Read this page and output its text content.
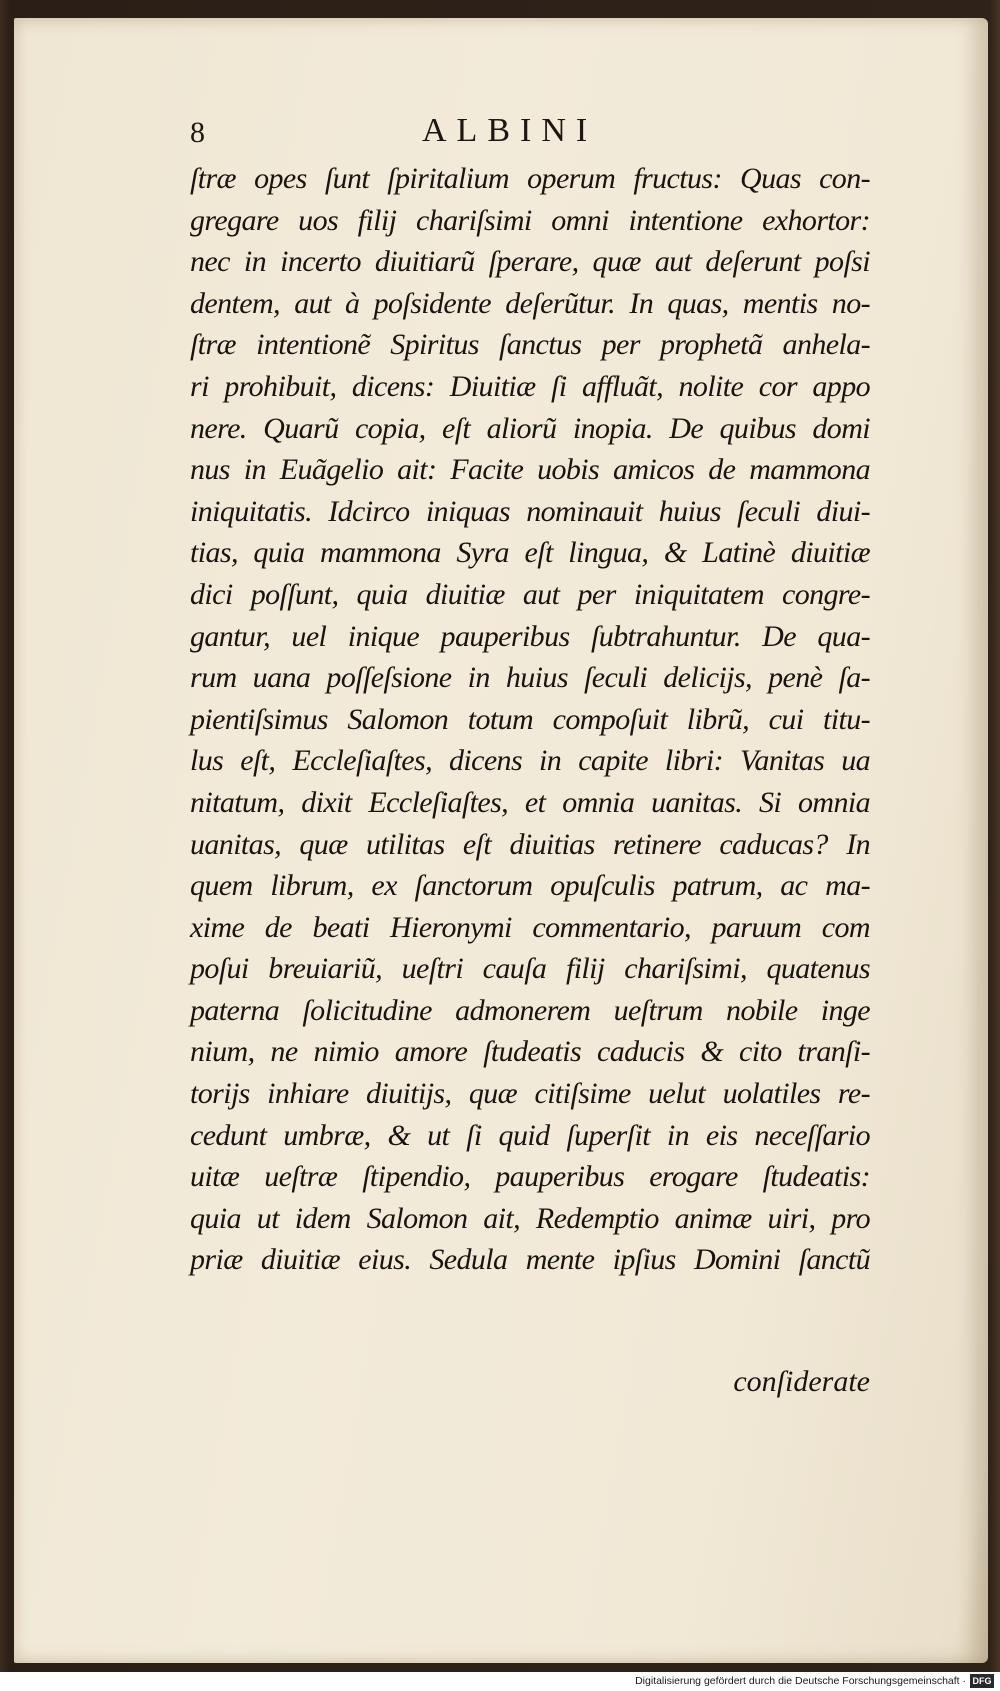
8	ALBINI
ſtræ opes ſunt ſpiritalium operum fructus: Quas con-
gregare uos filij chariſsimi omni intentione exhortor:
nec in incerto diuitiarũ ſperare, quæ aut deſerunt poſsi
dentem, aut à poſsidente deſerũtur. In quas, mentis no-
ſtræ intentionẽ Spiritus ſanctus per prophetã anhela-
ri prohibuit, dicens: Diuitiæ ſi affluãt, nolite cor appo
nere. Quarũ copia, eſt aliorũ inopia. De quibus domi
nus in Euãgelio ait: Facite uobis amicos de mammona
iniquitatis. Idcirco iniquas nominauit huius ſeculi diui-
tias, quia mammona Syra eſt lingua, & Latinè diuitiæ
dici poſſunt, quia diuitiæ aut per iniquitatem congre-
gantur, uel inique pauperibus ſubtrahuntur. De qua-
rum uana poſſeſsione in huius ſeculi delicijs, penè ſa-
pientiſsimus Salomon totum compoſuit librũ, cui titu-
lus eſt, Eccleſiaſtes, dicens in capite libri: Vanitas ua
nitatum, dixit Eccleſiaſtes, et omnia uanitas. Si omnia
uanitas, quæ utilitas eſt diuitias retinere caducas? In
quem librum, ex ſanctorum opuſculis patrum, ac ma-
xime de beati Hieronymi commentario, paruum com
poſui breuiariũ, ueſtri cauſa filij chariſsimi, quatenus
paterna ſolicitudine admonerem ueſtrum nobile inge
nium, ne nimio amore ſtudeatis caducis & cito tranſi-
torijs inhiare diuitijs, quæ citiſsime uelut uolatiles re-
cedunt umbræ, & ut ſi quid ſuperſit in eis neceſſario
uitæ ueſtræ ſtipendio, pauperibus erogare ſtudeatis:
quia ut idem Salomon ait, Redemptio animæ uiri, pro
priæ diuitiæ eius. Sedula mente ipſius Domini ſanctũ
conſiderate
Digitalisierung gefördert durch die Deutsche Forschungsgemeinschaft · DFG
